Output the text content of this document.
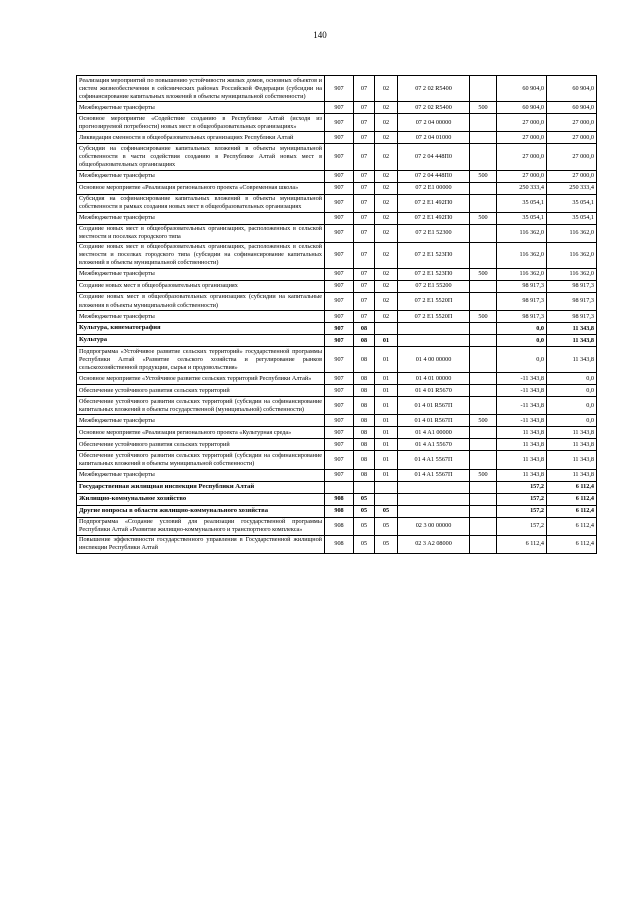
140
Реализация мероприятий по повышению устойчивости жилых домов, основных объектов и систем жизнеобеспечения в сейсмических районах Российской Федерации (субсидии на софинансирование капитальных вложений в объекты муниципальной собственности)	907	07	02	07 2 02 R5400		60 904,0	60 904,0
Межбюджетные трансферты	907	07	02	07 2 02 R5400	500	60 904,0	60 904,0
Основное мероприятие «Содействие созданию в Республике Алтай (исходя из прогнозируемой потребности) новых мест в общеобразовательных организациях»	907	07	02	07 2 04 00000		27 000,0	27 000,0
Ликвидация сменности в общеобразовательных организациях Республики Алтай	907	07	02	07 2 04 01000		27 000,0	27 000,0
Субсидии на софинансирование капитальных вложений в объекты муниципальной собственности в части содействия созданию в Республике Алтай новых мест в общеобразовательных организациях	907	07	02	07 2 04 448П0		27 000,0	27 000,0
Межбюджетные трансферты	907	07	02	07 2 04 448П0	500	27 000,0	27 000,0
Основное мероприятие «Реализация регионального проекта «Современная школа»	907	07	02	07 2 E1 00000		250 333,4	250 333,4
Субсидия на софинансирование капитальных вложений в объекты муниципальной собственности в рамках создания новых мест в общеобразовательных организациях	907	07	02	07 2 E1 492П0		35 054,1	35 054,1
Межбюджетные трансферты	907	07	02	07 2 E1 492П0	500	35 054,1	35 054,1
Создание новых мест в общеобразовательных организациях, расположенных в сельской местности и поселках городского типа	907	07	02	07 2 E1 52300		116 362,0	116 362,0
Создание новых мест в общеобразовательных организациях, расположенных в сельской местности и поселках городского типа (субсидии на софинансирование капитальных вложений в объекты муниципальной собственности)	907	07	02	07 2 E1 523П0		116 362,0	116 362,0
Межбюджетные трансферты	907	07	02	07 2 E1 523П0	500	116 362,0	116 362,0
Создание новых мест в общеобразовательных организациях	907	07	02	07 2 E1 55200		98 917,3	98 917,3
Создание новых мест в общеобразовательных организациях (субсидии на капитальные вложения в объекты муниципальной собственности)	907	07	02	07 2 E1 5520П		98 917,3	98 917,3
Межбюджетные трансферты	907	07	02	07 2 E1 5520П	500	98 917,3	98 917,3
Культура, кинематография	907	08				0,0	11 343,8
Культура	907	08	01			0,0	11 343,8
Подпрограмма «Устойчивое развитие сельских территорий» государственной программы Республики Алтай «Развитие сельского хозяйства и регулирование рынков сельскохозяйственной продукции, сырья и продовольствия»	907	08	01	01 4 00 00000		0,0	11 343,8
Основное мероприятие «Устойчивое развитие сельских территорий Республики Алтай»	907	08	01	01 4 01 00000		-11 343,8	0,0
Обеспечение устойчивого развития сельских территорий	907	08	01	01 4 01 R5670		-11 343,8	0,0
Обеспечение устойчивого развития сельских территорий (субсидии на софинансирование капитальных вложений в объекты государственной (муниципальной) собственности)	907	08	01	01 4 01 R567П		-11 343,8	0,0
Межбюджетные трансферты	907	08	01	01 4 01 R567П	500	-11 343,8	0,0
Основное мероприятие «Реализация регионального проекта «Культурная среда»	907	08	01	01 4 A1 00000		11 343,8	11 343,8
Обеспечение устойчивого развития сельских территорий	907	08	01	01 4 A1 55670		11 343,8	11 343,8
Обеспечение устойчивого развития сельских территорий (субсидии на софинансирование капитальных вложений в объекты муниципальной собственности)	907	08	01	01 4 A1 5567П		11 343,8	11 343,8
Межбюджетные трансферты	907	08	01	01 4 A1 5567П	500	11 343,8	11 343,8
Государственная жилищная инспекция Республики Алтай						157,2	6 112,4
Жилищно-коммунальное хозяйство	908	05				157,2	6 112,4
Другие вопросы в области жилищно-коммунального хозяйства	908	05	05			157,2	6 112,4
Подпрограмма «Создание условий для реализации государственной программы Республики Алтай «Развитие жилищно-коммунального и транспортного комплекса»	908	05	05	02 3 00 00000		157,2	6 112,4
Повышение эффективности государственного управления в Государственной жилищной инспекции Республики Алтай	908	05	05	02 3 A2 08000		6 112,4	6 112,4
